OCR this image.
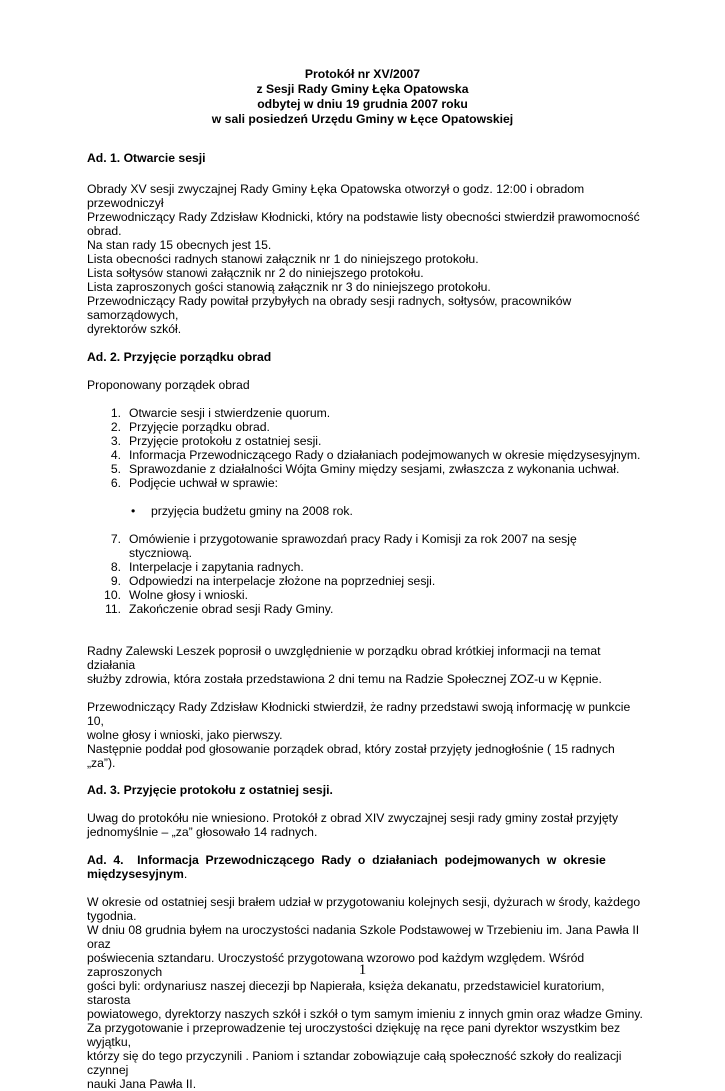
Protokół nr XV/2007
z Sesji Rady Gminy Łęka Opatowska
odbytej w dniu 19 grudnia 2007 roku
w sali posiedzeń Urzędu Gminy w Łęce Opatowskiej
Ad. 1. Otwarcie sesji
Obrady XV sesji zwyczajnej Rady Gminy Łęka Opatowska otworzył o godz. 12:00 i obradom przewodniczył
Przewodniczący Rady Zdzisław Kłodnicki, który na podstawie listy obecności stwierdził prawomocność
obrad.
Na stan rady 15 obecnych jest 15.
Lista obecności radnych stanowi załącznik nr 1 do niniejszego protokołu.
Lista sołtysów stanowi załącznik nr 2 do niniejszego protokołu.
Lista zaproszonych gości stanowią załącznik nr 3 do niniejszego protokołu.
Przewodniczący Rady powitał przybyłych na obrady sesji radnych, sołtysów, pracowników samorządowych,
dyrektorów szkół.
Ad. 2. Przyjęcie porządku obrad
Proponowany porządek obrad
1. Otwarcie sesji i stwierdzenie quorum.
2. Przyjęcie porządku obrad.
3. Przyjęcie protokołu z ostatniej sesji.
4. Informacja Przewodniczącego Rady o działaniach podejmowanych w okresie międzysesyjnym.
5. Sprawozdanie z działalności Wójta Gminy między sesjami, zwłaszcza z wykonania uchwał.
6. Podjęcie uchwał w sprawie:
• przyjęcia budżetu gminy na 2008 rok.
7. Omówienie i przygotowanie sprawozdań pracy Rady i Komisji za rok 2007 na sesję styczniową.
8. Interpelacje i zapytania radnych.
9. Odpowiedzi na interpelacje złożone na poprzedniej sesji.
10. Wolne głosy i wnioski.
11. Zakończenie obrad sesji Rady Gminy.
Radny Zalewski Leszek poprosił o uwzględnienie w porządku obrad krótkiej informacji na temat działania
służby zdrowia, która została przedstawiona 2 dni temu na Radzie Społecznej ZOZ-u w Kępnie.
Przewodniczący Rady Zdzisław Kłodnicki stwierdził, że radny przedstawi swoją informację w punkcie 10,
wolne głosy i wnioski, jako pierwszy.
Następnie poddał pod głosowanie porządek obrad, który został przyjęty jednogłośnie ( 15 radnych „za”).
Ad. 3. Przyjęcie protokołu z ostatniej sesji.
Uwag do protokółu nie wniesiono. Protokół z obrad XIV zwyczajnej sesji rady gminy został przyjęty
jednomyślnie – „za” głosowało 14 radnych.
Ad.  4.    Informacja  Przewodniczącego  Rady  o  działaniach  podejmowanych  w  okresie
międzysesyjnym.
W okresie od ostatniej sesji brałem udział w przygotowaniu kolejnych sesji, dyżurach w środy, każdego
tygodnia.
W dniu 08 grudnia byłem na uroczystości nadania Szkole Podstawowej w Trzebieniu im. Jana Pawła II oraz
poświecenia sztandaru. Uroczystość przygotowana wzorowo pod każdym względem. Wśród zaproszonych
gości byli: ordynariusz naszej diecezji bp Napierała, księża dekanatu, przedstawiciel kuratorium, starosta
powiatowego, dyrektorzy naszych szkół i szkół o tym samym imieniu z innych gmin oraz władze Gminy.
Za przygotowanie i przeprowadzenie tej uroczystości dziękuję na ręce pani dyrektor wszystkim bez wyjątku,
którzy się do tego przyczynili . Paniom i sztandar zobowiązuje całą społeczność szkoły do realizacji czynnej
nauki Jana Pawła II.
1
